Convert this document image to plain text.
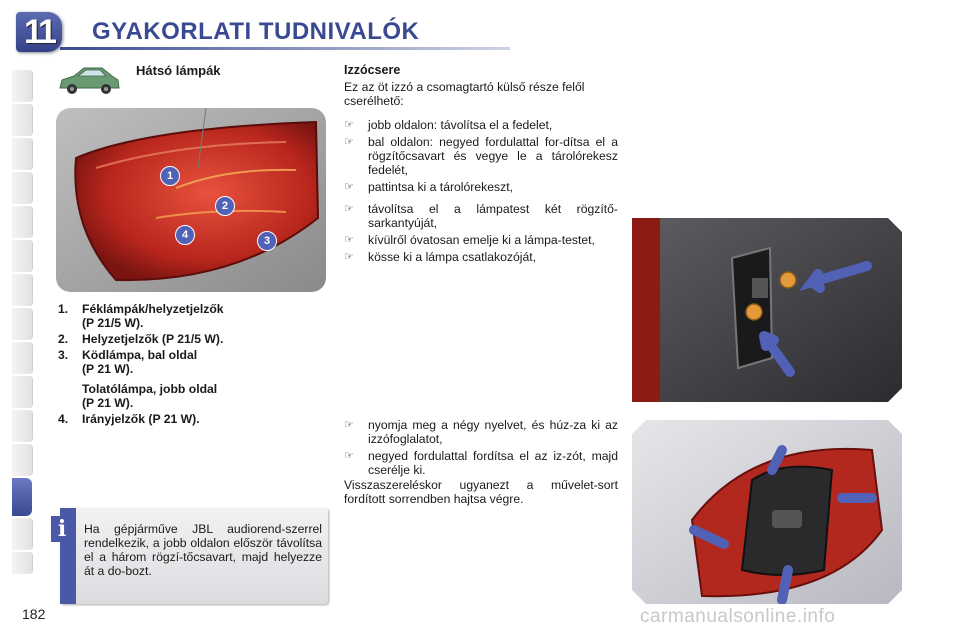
11	GYAKORLATI TUDNIVALÓK
Hátsó lámpák
1
2
3
4
1.	Féklámpák/helyzetjelzők
(P 21/5 W).
2.	Helyzetjelzők (P 21/5 W).
3.	Ködlámpa, bal oldal
(P 21 W).
Tolatólámpa, jobb oldal
(P 21 W).
4.	Irányjelzők (P 21 W).
i	Ha gépjárműve JBL audiorend-szerrel rendelkezik, a jobb oldalon először távolítsa el a három rögzí-tőcsavart, majd helyezze át a do-bozt.
Izzócsere
Ez az öt izzó a csomagtartó külső része felől cserélhető:
☞	jobb oldalon: távolítsa el a fedelet,
☞	bal oldalon: negyed fordulattal for-dítsa el a rögzítőcsavart és vegye le a tárolórekesz fedelét,
☞	pattintsa ki a tárolórekeszt,
☞	távolítsa el a lámpatest két rögzítő-sarkantyúját,
☞	kívülről óvatosan emelje ki a lámpa-testet,
☞	kösse ki a lámpa csatlakozóját,
☞	nyomja meg a négy nyelvet, és húz-za ki az izzófoglalatot,
☞	negyed fordulattal fordítsa el az iz-zót, majd cserélje ki.
Visszaszereléskor ugyanezt a művelet-sort fordított sorrendben hajtsa végre.
182	carmanualsonline.info
